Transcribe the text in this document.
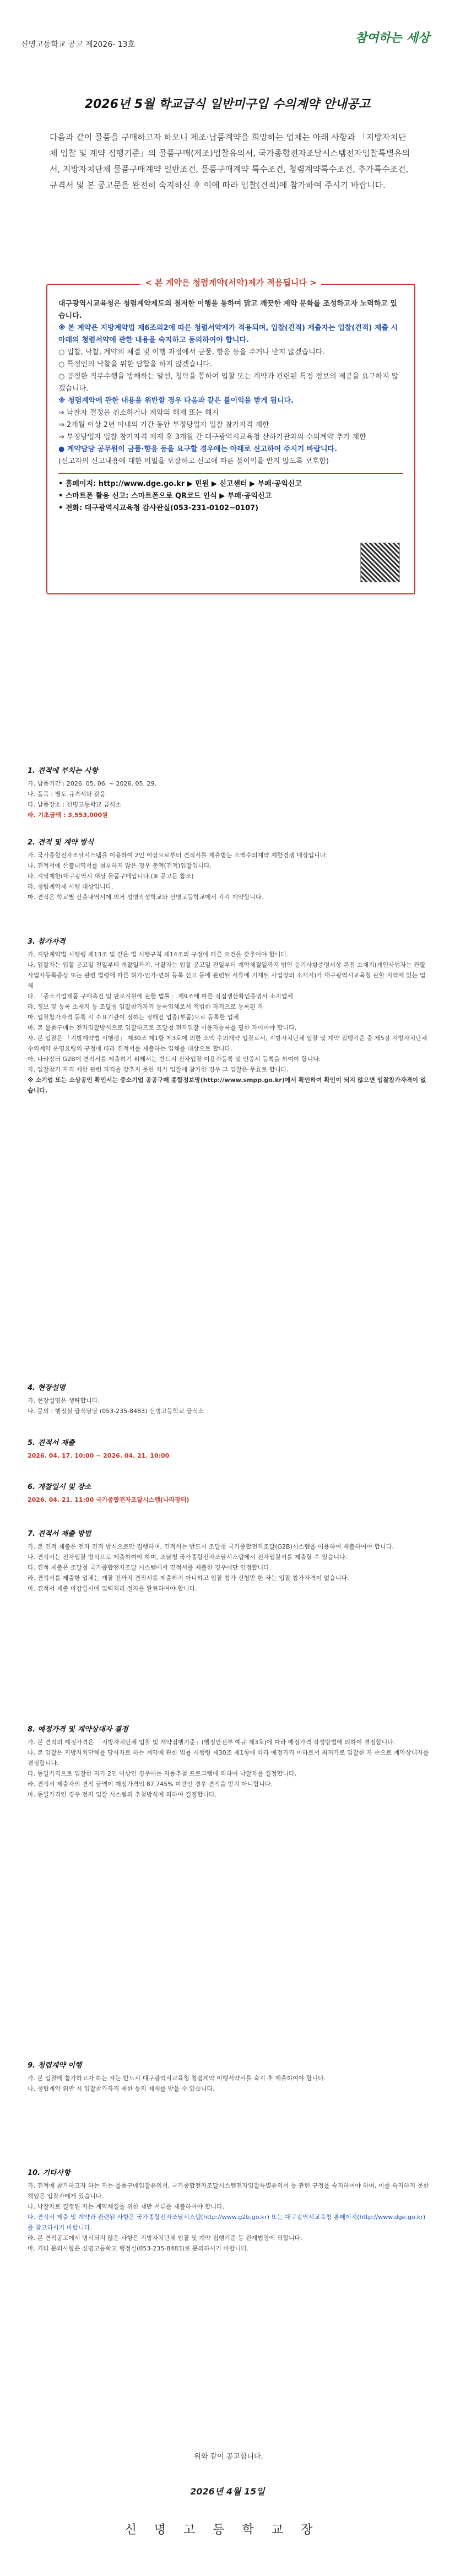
신명고등학교 공고 제2026- 13호	참여하는 세상
2026년 5월 학교급식 일반미구입 수의계약 안내공고
다음과 같이 물품을 구매하고자 하오니 제조·납품계약을 희망하는 업체는 아래 사항과 「지방자치단체 입찰 및 계약 집행기준」의 물품구매(제조)입찰유의서, 국가종합전자조달시스템전자입찰특별유의서, 지방자치단체 물품구매계약 일반조건, 물품구매계약 특수조건, 청렴계약특수조건, 추가특수조건, 규격서 및 본 공고문을 완전히 숙지하신 후 이에 따라 입찰(견적)에 참가하여 주시기 바랍니다.
대구광역시교육청은 청렴계약제도의 철저한 이행을 통하여 맑고 깨끗한 계약 문화를 조성하고자 노력하고 있습니다.
※ 본 계약은 지방계약법 제6조의2에 따른 청렴서약제가 적용되며, 입찰(견적) 제출자는 입찰(견적) 제출 시 아래의 청렴서약에 관한 내용을 숙지하고 동의하여야 합니다.
○ 입찰, 낙찰, 계약의 체결 및 이행 과정에서 금품, 향응 등을 주거나 받지 않겠습니다.
○ 특정인의 낙찰을 위한 담합을 하지 않겠습니다.
○ 공정한 직무수행을 방해하는 알선, 청탁을 통하여 입찰 또는 계약과 관련된 특정 정보의 제공을 요구하지 않겠습니다.
※ 청렴계약에 관한 내용을 위반할 경우 다음과 같은 불이익을 받게 됩니다.
⇒ 낙찰자 결정을 취소하거나 계약의 해제 또는 해지
⇒ 2개월 이상 2년 이내의 기간 동안 부정당업자 입찰 참가자격 제한
⇒ 부정당업자 입찰 참가자격 제재 후 3개월 간 대구광역시교육청 산하기관과의 수의계약 추가 제한
● 계약담당 공무원이 금품·향응 등을 요구할 경우에는 아래로 신고하여 주시기 바랍니다.
(신고자의 신고내용에 대한 비밀을 보장하고 신고에 따른 불이익을 받지 않도록 보호함)
• 홈페이지: http://www.dge.go.kr ▶ 민원 ▶ 신고센터 ▶ 부패·공익신고
• 스마트폰 활용 신고: 스마트폰으로 QR코드 인식 ▶ 부패·공익신고
• 전화: 대구광역시교육청 감사관실(053-231-0102~0107)
< 본 계약은 청렴계약(서약)제가 적용됩니다 >
1. 견적에 부치는 사항

가. 납품기간 : 2026. 05. 06. ~ 2026. 05. 29.

나. 품목 : 별도 규격서와 같음

다. 납품장소 : 신명고등학교 급식소

라. 기초금액 : 3,553,000원

2. 견적 및 계약 방식

가. 국가종합전자조달시스템을 이용하여 2인 이상으로부터 견적서를 제출받는 소액수의계약 제한경쟁 대상입니다.

나. 견적서에 산출내역서를 첨부하지 않은 경우 총액(견적)입찰입니다.

다. 지역제한(대구광역시 대상 물품구매입니다.(※ 공고문 참조)

라. 청렴계약제 시행 대상입니다.

마. 견적은 학교별 산출내역서에 의거 성명작성학교와 신명고등학교에서 각각 계약합니다.

3. 참가자격

가. 지방계약법 시행령 제13조 및 같은 법 시행규칙 제14조의 규정에 따른 요건을 갖추어야 합니다.

나. 입찰자는 입찰 공고일 전일부터 개찰일까지, 낙찰자는 입찰 공고일 전일부터 계약체결일까지 법인 등기사항증명서상 본점 소재지(개인사업자는 관할 사업자등록증상 또는 관련 법령에 따른 허가·인가·면허 등록 신고 등에 관련된 서류에 기재된 사업장의 소재지)가 대구광역시교육청 관할 지역에 있는 업체

다. 「중소기업제품 구매촉진 및 판로지원에 관한 법률」 제9조에 따른 직접생산확인증명서 소지업체

라. 정보 및 등록 소재지 등 조달청 입찰참가자격 등록업체로서 적법한 자격으로 등록된 자

마. 입찰참가자격 등록 시 수요기관이 정하는 정해진 업종(부품)으로 등록한 업체

바. 본 물품구매는 전자입찰방식으로 입찰하므로 조달청 전자입찰 이용자등록을 필한 자이어야 합니다.

사. 본 입찰은 「지방계약법 시행령」 제30조 제1항 제3호에 의한 소액 수의계약 입찰로서, 지방자치단체 입찰 및 계약 집행기준 중 제5장 지방자치단체 수의계약 운영요령의 규정에 따라 견적서를 제출하는 업체를 대상으로 합니다.

아. 나라장터 G2B에 견적서를 제출하기 위해서는 반드시 전자입찰 이용자등록 및 인증서 등록을 하여야 합니다.

자. 입찰참가 자격 제한 관련 자격을 갖추지 못한 자가 입찰에 참가한 경우 그 입찰은 무효로 합니다.

※ 소기업 또는 소상공인 확인서는 중소기업 공공구매 종합정보망(http://www.smpp.go.kr)에서 확인하여 확인이 되지 않으면 입찰참가자격이 없습니다.

4. 현장설명

가. 현장설명은 생략합니다.

나. 문의 : 행정실 급식담당 (053-235-8483) 신명고등학교 급식소

5. 견적서 제출

2026. 04. 17. 10:00 ~ 2026. 04. 21. 10:00

6. 개찰일시 및 장소

2026. 04. 21. 11:00 국가종합전자조달시스템(나라장터)

7. 견적서 제출 방법

가. 본 견적 제출은 전자 견적 방식으로만 집행하며, 견적서는 반드시 조달청 국가종합전자조달(G2B)시스템을 이용하여 제출하여야 합니다.

나. 견적서는 전자입찰 방식으로 제출하여야 하며, 조달청 국가종합전자조달시스템에서 전자입찰서를 제출할 수 있습니다.

다. 견적 제출은 조달청 국가종합전자조달 시스템에서 견적서를 제출한 경우에만 인정합니다.

라. 견적서를 제출한 업체는 개찰 전까지 견적서를 제출하지 아니하고 입찰 참가 신청만 한 자는 입찰 참가자격이 없습니다.

마. 견적서 제출 마감일시에 입력처리 절차를 완료하여야 합니다.

8. 예정가격 및 계약상대자 결정

가. 본 견적의 예정가격은 「지방자치단체 입찰 및 계약집행기준」(행정안전부 예규 제3호)에 따라 예정가격 작성방법에 의하여 결정합니다.

나. 본 입찰은 지방자치단체를 당사자로 하는 계약에 관한 법률 시행령 제30조 제1항에 따라 예정가격 이하로서 최저가로 입찰한 자 순으로 계약상대자를 결정합니다.

다. 동일가격으로 입찰한 자가 2인 이상인 경우에는 자동추첨 프로그램에 의하여 낙찰자를 결정합니다.

라. 견적서 제출자의 견적 금액이 예정가격의 87.745% 미만인 경우 견적을 받지 아니합니다.

마. 동일가격인 경우 전자 입찰 시스템의 추첨방식에 의하여 결정합니다.

9. 청렴계약 이행

가. 본 입찰에 참가하고자 하는 자는 반드시 대구광역시교육청 청렴계약 이행서약서를 숙지 후 제출하여야 합니다.

나. 청렴계약 위반 시 입찰참가자격 제한 등의 제재를 받을 수 있습니다.

10. 기타사항

가. 견적에 참가하고자 하는 자는 물품구매입찰유의서, 국가종합전자조달시스템전자입찰특별유의서 등 관련 규정을 숙지하여야 하며, 이를 숙지하지 못한 책임은 입찰자에게 있습니다.

나. 낙찰자로 결정된 자는 계약체결을 위한 제반 서류를 제출하여야 합니다.

다. 견적서 제출 및 계약과 관련된 사항은 국가종합전자조달시스템(http://www.g2b.go.kr) 또는 대구광역시교육청 홈페이지(http://www.dge.go.kr)를 참고하시기 바랍니다.

라. 본 견적공고에서 명시되지 않은 사항은 지방자치단체 입찰 및 계약 집행기준 등 관계법령에 의합니다.

마. 기타 문의사항은 신명고등학교 행정실(053-235-8483)로 문의하시기 바랍니다.

위와 같이 공고합니다.
2026년 4월 15일
신명고등학교장
